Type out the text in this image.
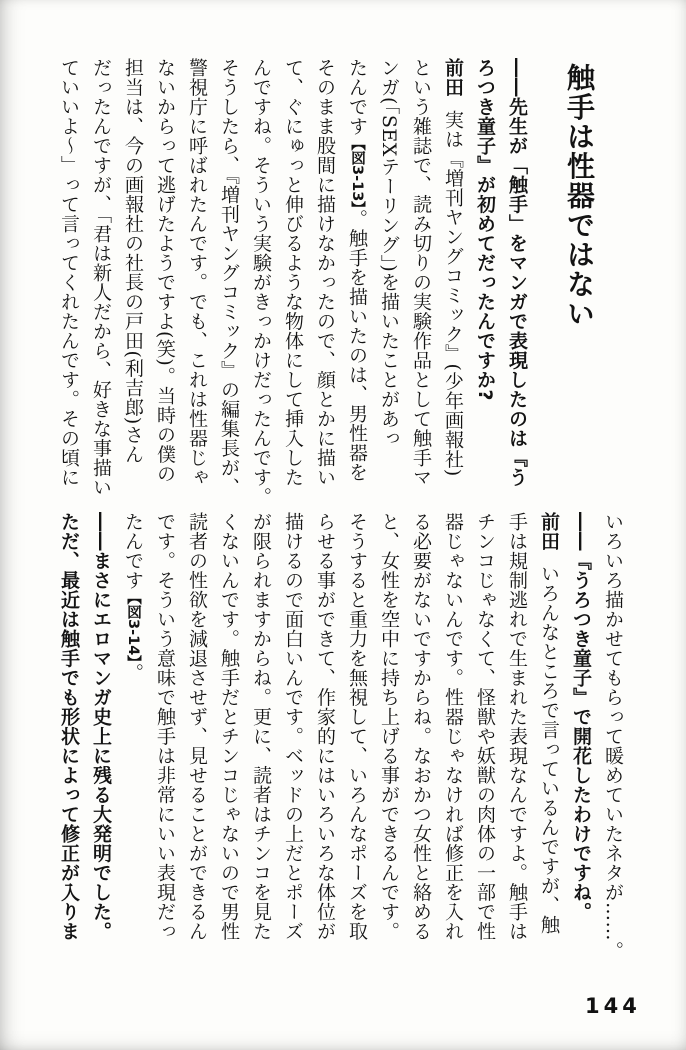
触手は性器ではない

――先生が「触手」をマンガで表現したのは『う

ろつき童子』が初めてだったんですか?

前田実は『増刊ヤングコミック』(少年画報社)

という雑誌で、読み切りの実験作品として触手マ

ンガ(「SEXテーリング」)を描いたことがあっ

たんです【図3-13】。触手を描いたのは、男性器を

そのまま股間に描けなかったので、顔とかに描い

て、ぐにゅっと伸びるような物体にして挿入した

んですね。そういう実験がきっかけだったんです。

そうしたら、『増刊ヤングコミック』の編集長が、

警視庁に呼ばれたんです。でも、これは性器じゃ

ないからって逃げたようですよ(笑)。当時の僕の

担当は、今の画報社の社長の戸田(利吉郎)さん

だったんですが、「君は新人だから、好きな事描い

ていいよ〜」って言ってくれたんです。その頃に

いろいろ描かせてもらって暖めていたネタが……。

――『うろつき童子』で開花したわけですね。

前田いろんなところで言っているんですが、触

手は規制逃れで生まれた表現なんですよ。触手は

チンコじゃなくて、怪獣や妖獣の肉体の一部で性

器じゃないんです。性器じゃなければ修正を入れ

る必要がないですからね。なおかつ女性と絡める

と、女性を空中に持ち上げる事ができるんです。

そうすると重力を無視して、いろんなポーズを取

らせる事ができて、作家的にはいろいろな体位が

描けるので面白いんです。ベッドの上だとポーズ

が限られますからね。更に、読者はチンコを見た

くないんです。触手だとチンコじゃないので男性

読者の性欲を減退させず、見せることができるん

です。そういう意味で触手は非常にいい表現だっ

たんです【図3-14】。

――まさにエロマンガ史上に残る大発明でした。

ただ、最近は触手でも形状によって修正が入りま

144
